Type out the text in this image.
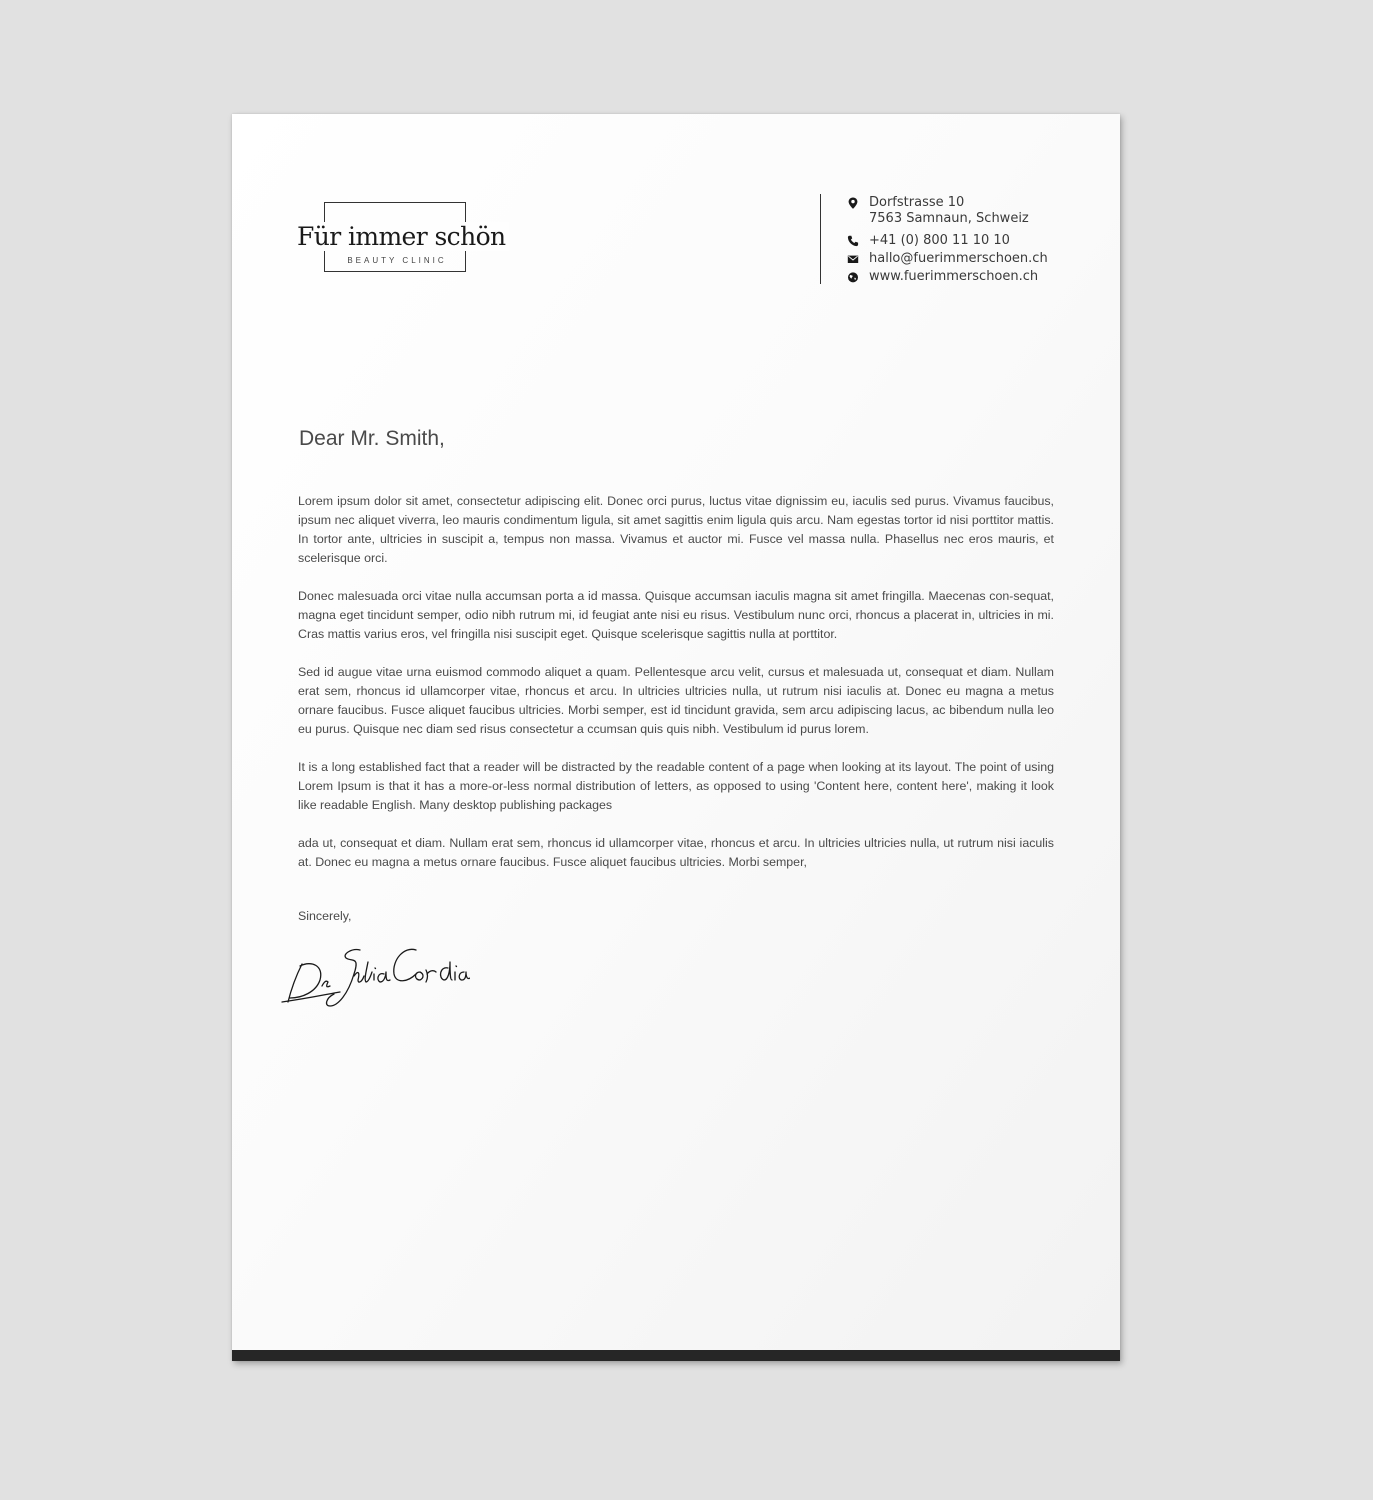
Für immer schön
BEAUTY CLINIC
Dorfstrasse 10
7563 Samnaun, Schweiz
+41 (0) 800 11 10 10
hallo@fuerimmerschoen.ch
www.fuerimmerschoen.ch
Dear Mr. Smith,

Lorem ipsum dolor sit amet, consectetur adipiscing elit. Donec orci purus, luctus vitae dignissim eu, iaculis sed purus. Vivamus faucibus, ipsum nec aliquet viverra, leo mauris condimentum ligula, sit amet sagittis enim ligula quis arcu. Nam egestas tortor id nisi porttitor mattis. In tortor ante, ultricies in suscipit a, tempus non massa. Vivamus et auctor mi. Fusce vel massa nulla. Phasellus nec eros mauris, et scelerisque orci.

Donec malesuada orci vitae nulla accumsan porta a id massa. Quisque accumsan iaculis magna sit amet fringilla. Maecenas con-sequat, magna eget tincidunt semper, odio nibh rutrum mi, id feugiat ante nisi eu risus. Vestibulum nunc orci, rhoncus a placerat in, ultricies in mi. Cras mattis varius eros, vel fringilla nisi suscipit eget. Quisque scelerisque sagittis nulla at porttitor.

Sed id augue vitae urna euismod commodo aliquet a quam. Pellentesque arcu velit, cursus et malesuada ut, consequat et diam. Nullam erat sem, rhoncus id ullamcorper vitae, rhoncus et arcu. In ultricies ultricies nulla, ut rutrum nisi iaculis at. Donec eu magna a metus ornare faucibus. Fusce aliquet faucibus ultricies. Morbi semper, est id tincidunt gravida, sem arcu adipiscing lacus, ac bibendum nulla leo eu purus. Quisque nec diam sed risus consectetur a ccumsan quis quis nibh. Vestibulum id purus lorem.

It is a long established fact that a reader will be distracted by the readable content of a page when looking at its layout. The point of using Lorem Ipsum is that it has a more-or-less normal distribution of letters, as opposed to using 'Content here, content here', making it look like readable English. Many desktop publishing packages

ada ut, consequat et diam. Nullam erat sem, rhoncus id ullamcorper vitae, rhoncus et arcu. In ultricies ultricies nulla, ut rutrum nisi iaculis at. Donec eu magna a metus ornare faucibus. Fusce aliquet faucibus ultricies. Morbi semper,

Sincerely,
